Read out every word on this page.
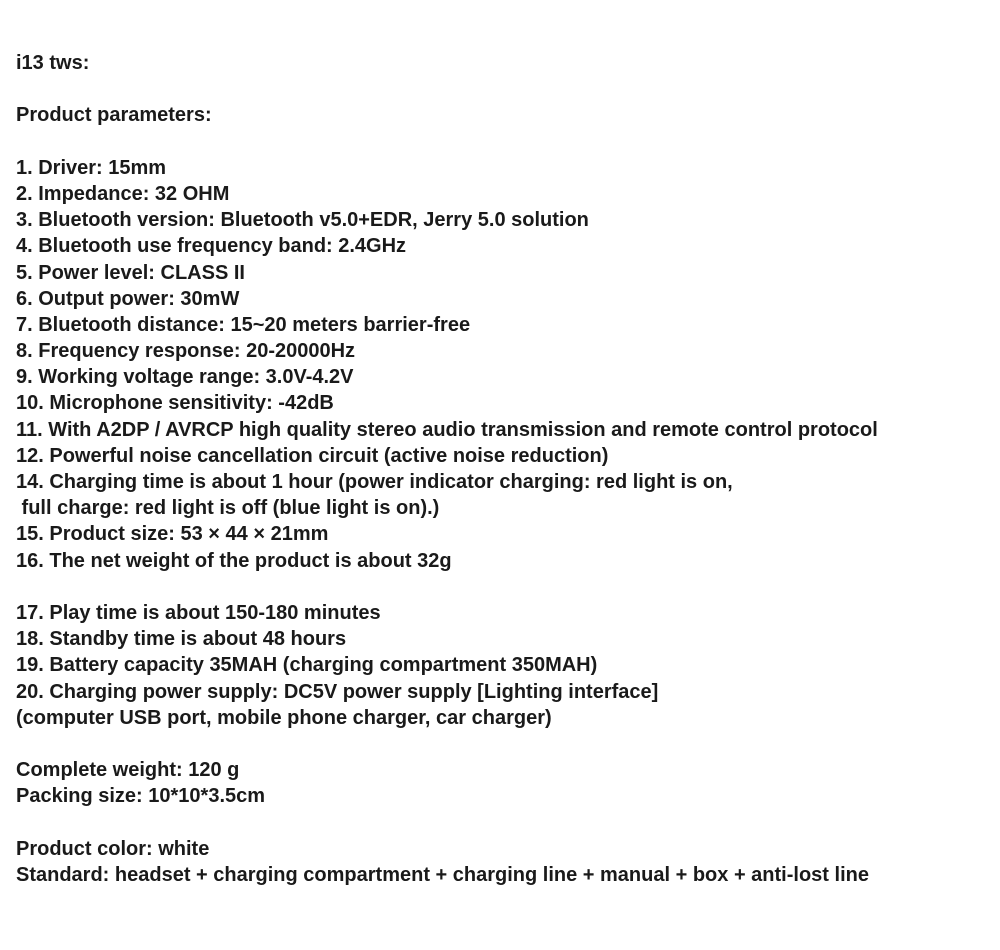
i13 tws:
Product parameters:
1. Driver: 15mm
2. Impedance: 32 OHM
3. Bluetooth version: Bluetooth v5.0+EDR, Jerry 5.0 solution
4. Bluetooth use frequency band: 2.4GHz
5. Power level: CLASS II
6. Output power: 30mW
7. Bluetooth distance: 15~20 meters barrier-free
8. Frequency response: 20-20000Hz
9. Working voltage range: 3.0V-4.2V
10. Microphone sensitivity: -42dB
11. With A2DP / AVRCP high quality stereo audio transmission and remote control protocol
12. Powerful noise cancellation circuit (active noise reduction)
14. Charging time is about 1 hour (power indicator charging: red light is on,
full charge: red light is off (blue light is on).)
15. Product size: 53 × 44 × 21mm
16. The net weight of the product is about 32g
17. Play time is about 150-180 minutes
18. Standby time is about 48 hours
19. Battery capacity 35MAH (charging compartment 350MAH)
20. Charging power supply: DC5V power supply [Lighting interface]
(computer USB port, mobile phone charger, car charger)
Complete weight: 120 g
Packing size: 10*10*3.5cm
Product color: white
Standard: headset + charging compartment + charging line + manual + box + anti-lost line
